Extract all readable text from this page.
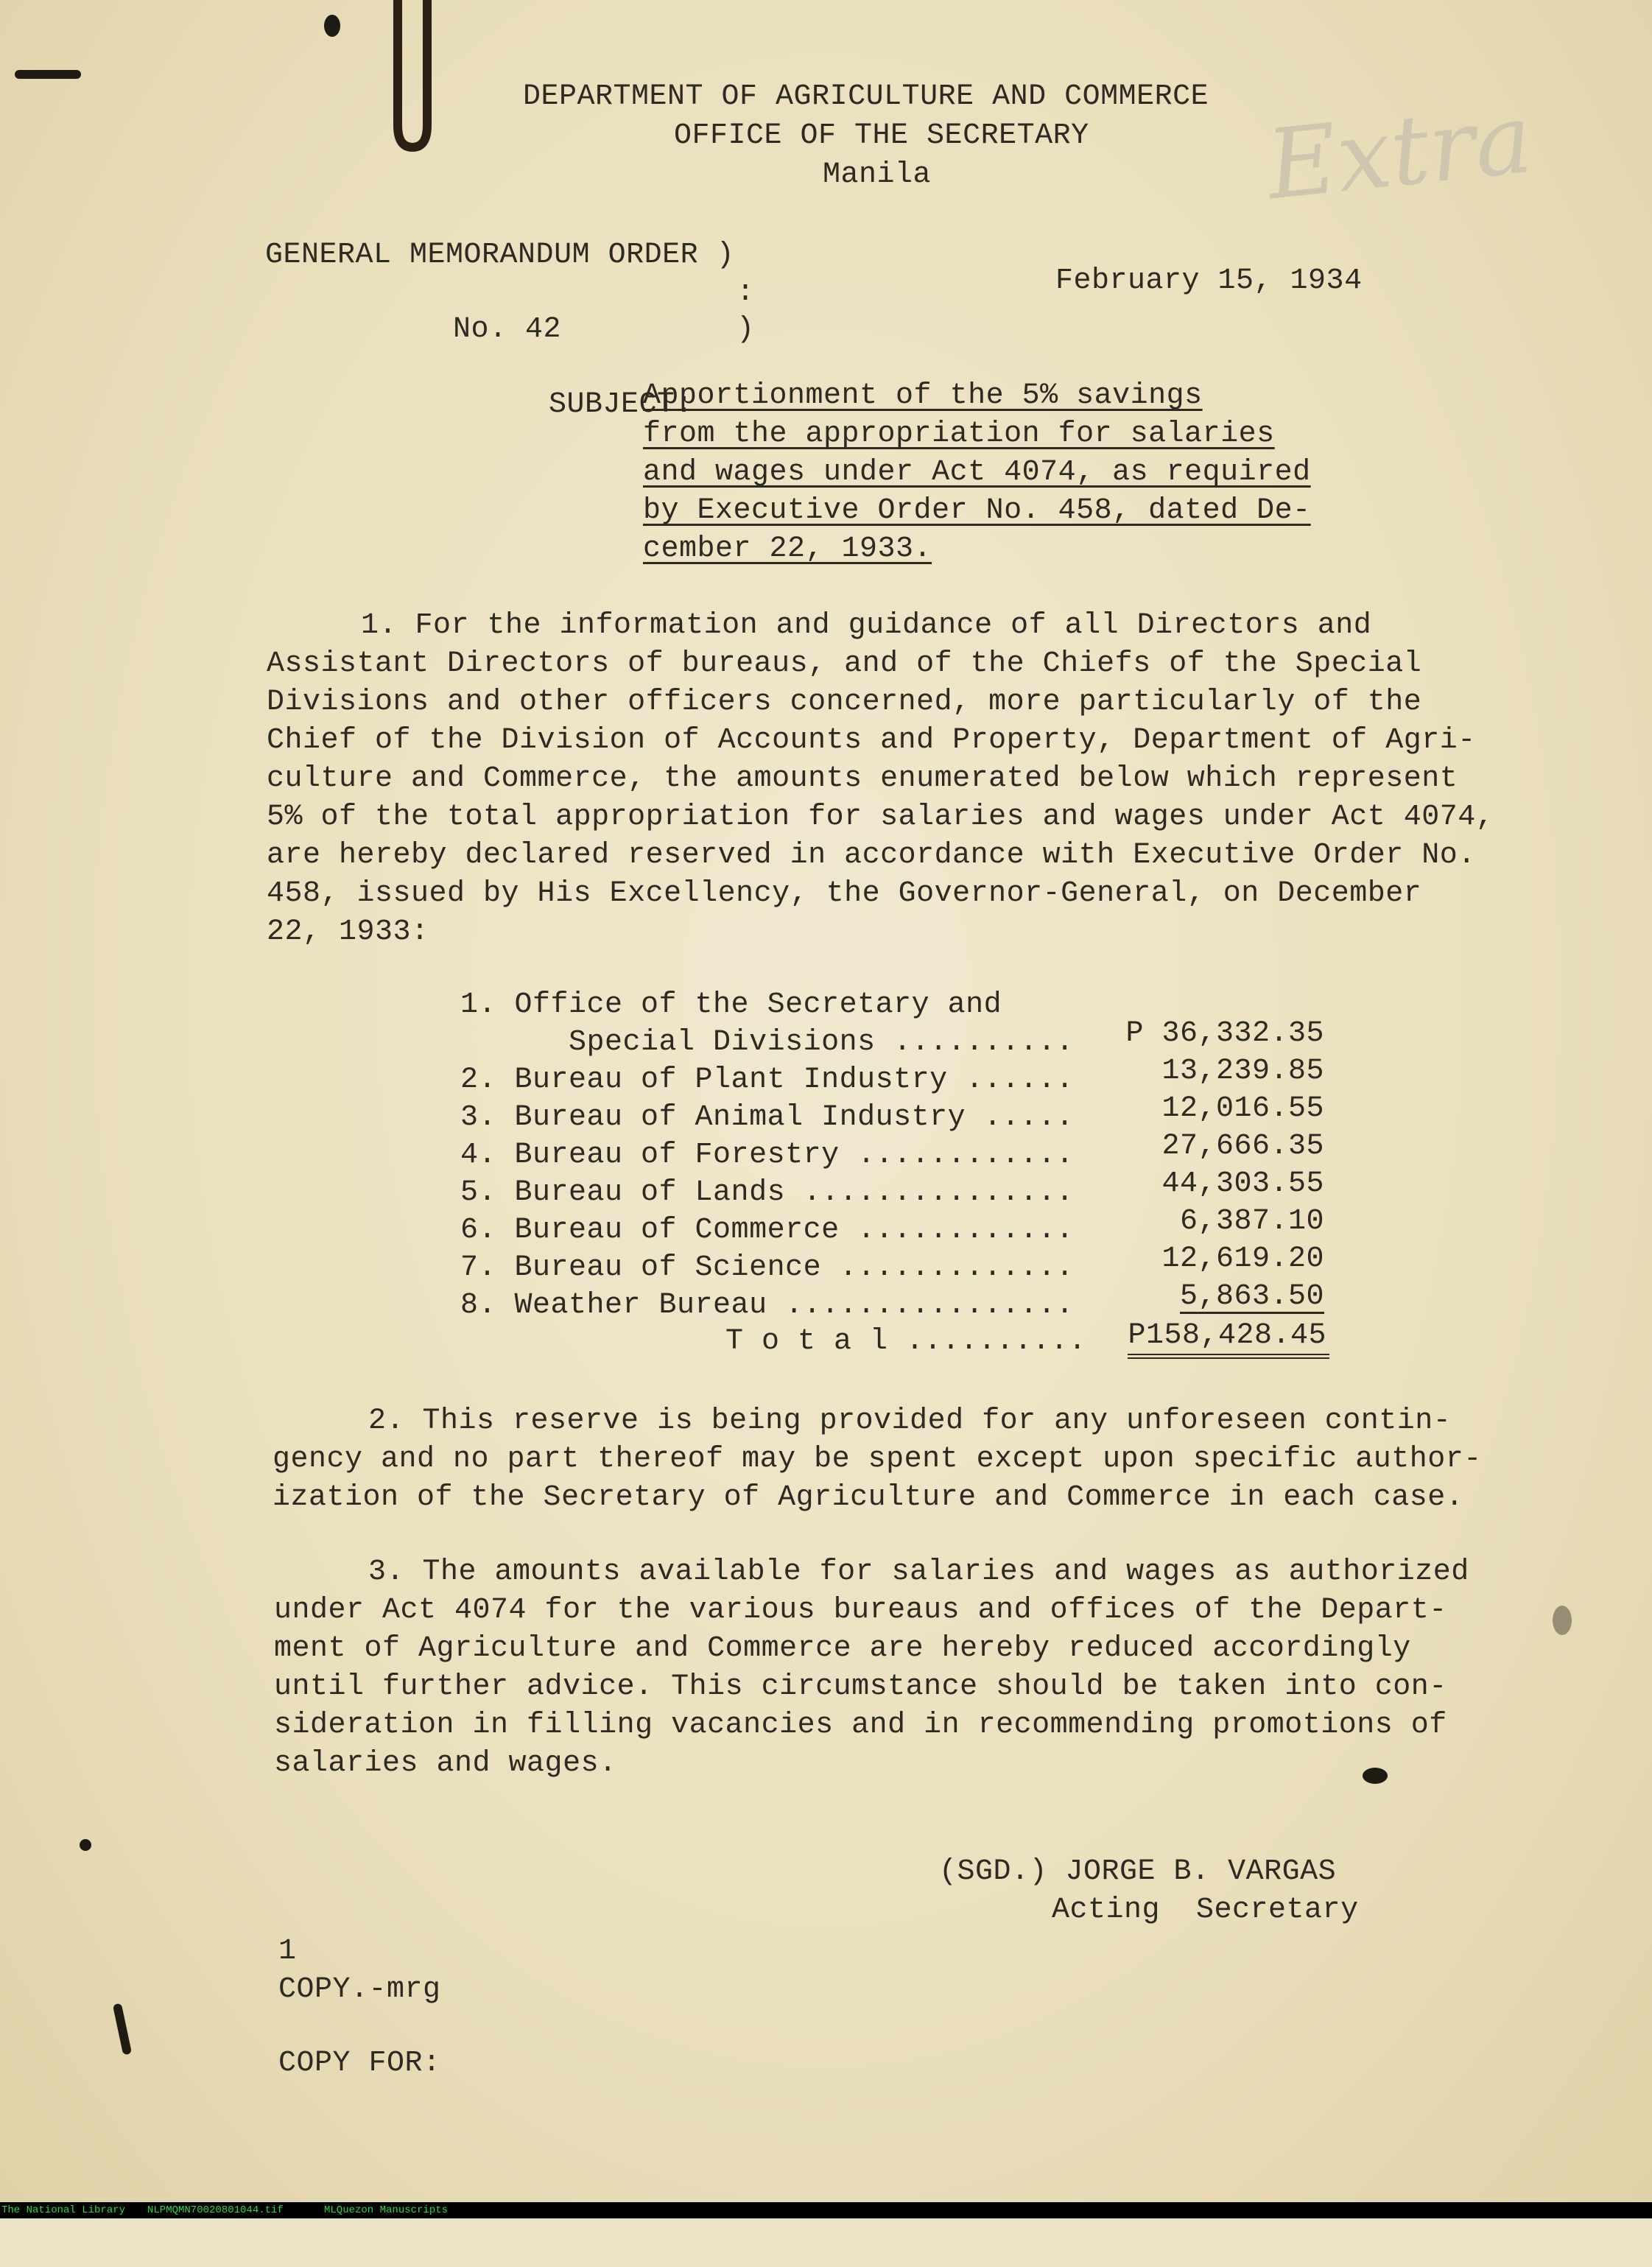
Extra
DEPARTMENT OF AGRICULTURE AND COMMERCE
OFFICE OF THE SECRETARY
Manila
GENERAL MEMORANDUM ORDER )
:
No. 42	)
February 15, 1934
SUBJECT:
Apportionment of the 5% savings
from the appropriation for salaries
and wages under Act 4074, as required
by Executive Order No. 458, dated De-
cember 22, 1933.
1. For the information and guidance of all Directors and
Assistant Directors of bureaus, and of the Chiefs of the Special
Divisions and other officers concerned, more particularly of the
Chief of the Division of Accounts and Property, Department of Agri-
culture and Commerce, the amounts enumerated below which represent
5% of the total appropriation for salaries and wages under Act 4074,
are hereby declared reserved in accordance with Executive Order No.
458, issued by His Excellency, the Governor-General, on December
22, 1933:
1. Office of the Secretary and
Special Divisions .......... P 36,332.35
2. Bureau of Plant Industry ......	13,239.85
3. Bureau of Animal Industry .....	12,016.55
4. Bureau of Forestry ............	27,666.35
5. Bureau of Lands ...............	44,303.55
6. Bureau of Commerce ............	6,387.10
7. Bureau of Science .............	12,619.20
8. Weather Bureau ................	5,863.50
T o t a l .......... P158,428.45
2. This reserve is being provided for any unforeseen contin-
gency and no part thereof may be spent except upon specific author-
ization of the Secretary of Agriculture and Commerce in each case.
3. The amounts available for salaries and wages as authorized
under Act 4074 for the various bureaus and offices of the Depart-
ment of Agriculture and Commerce are hereby reduced accordingly
until further advice. This circumstance should be taken into con-
sideration in filling vacancies and in recommending promotions of
salaries and wages.
(SGD.) JORGE B. VARGAS
Acting  Secretary
1
COPY.-mrg
COPY FOR:

The National Library

NLPMQMN70020801044.tif

	MLQuezon Manuscripts
